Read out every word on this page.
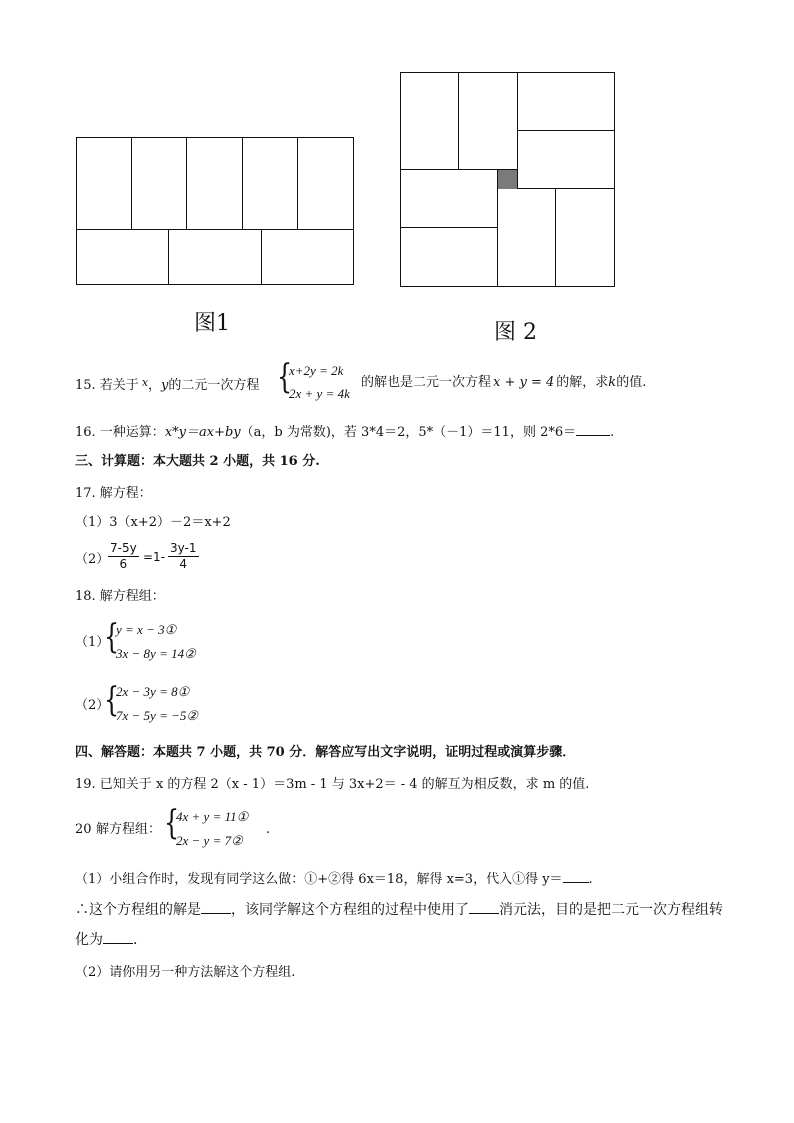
图1	图 2
15. 若关于 $^x$，y的二元一次方程 {
x+2y = 2k
2x + y = 4k
的解也是二元一次方程 x + y = 4 的解，求k的值.
16. 一种运算：x*y＝ax+by（a，b 为常数)，若 3*4＝2，5*（－1）＝11，则 2*6＝	.
三、计算题：本大题共 2 小题，共 16 分.
17. 解方程：
（1）3（x+2）－2＝x+2
（2）
$\frac{7-5y}{6} =1- \frac{3y-1}{4}$
18. 解方程组：
（1）
{
y = x − 3①
3x − 8y = 14②
（2）
{
2x − 3y = 8①
7x − 5y = −5②
四、解答题：本题共 7 小题，共 70 分．解答应写出文字说明，证明过程或演算步骤．
19. 已知关于 x 的方程 2（x - 1）＝3m - 1 与 3x+2＝ - 4 的解互为相反数，求 m 的值.
20 解方程组： {
4x + y = 11①
2x − y = 7②
.
（1）小组合作时，发现有同学这么做：①+②得 6x＝18，解得 x=3，代入①得 y＝ .
∴这个方程组的解是 ，该同学解这个方程组的过程中使用了 消元法，目的是把二元一次方程组转
化为 .
（2）请你用另一种方法解这个方程组.
